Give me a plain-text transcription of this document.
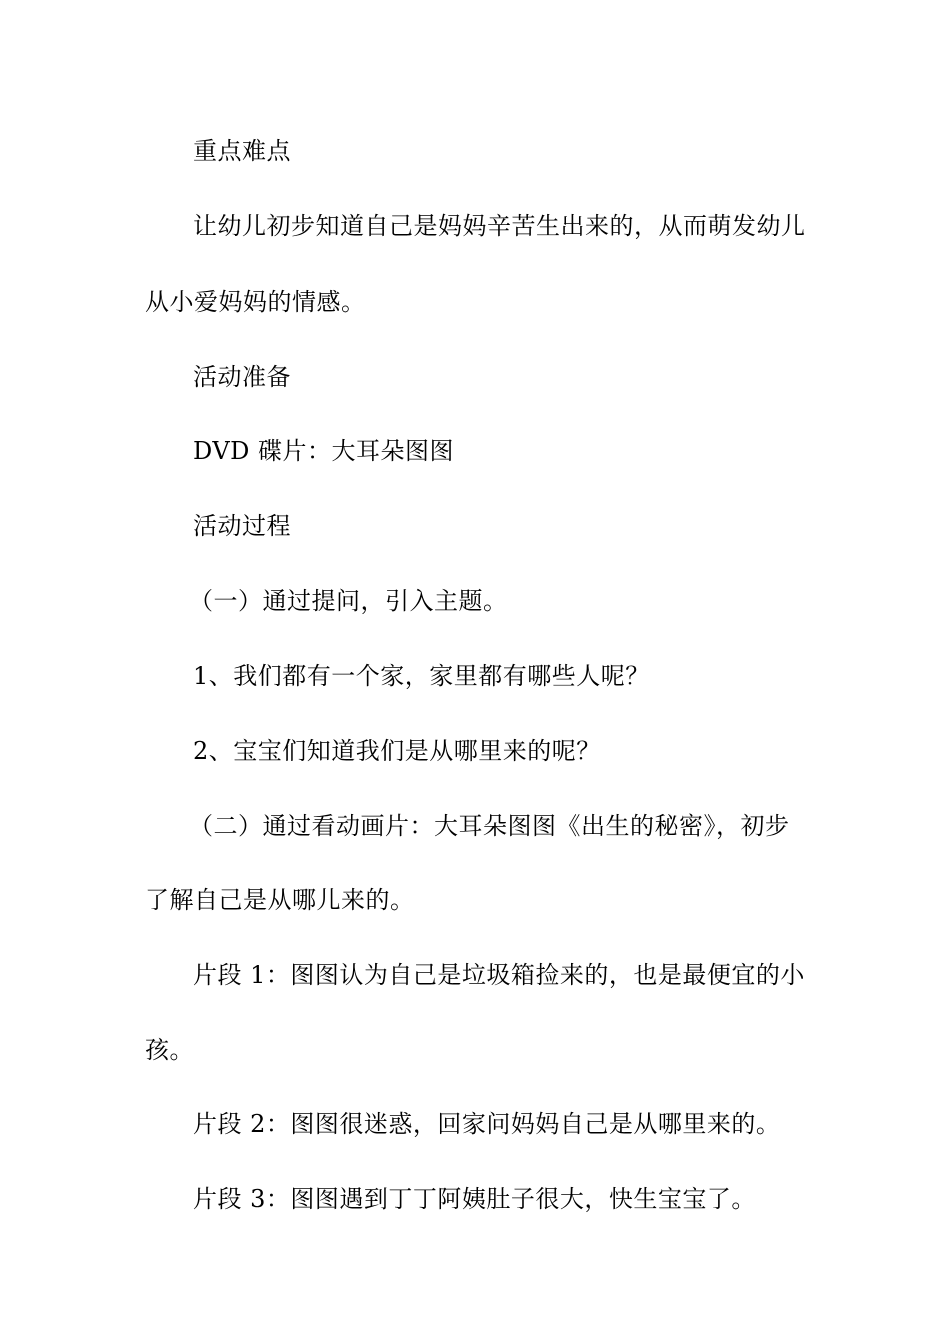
重点难点
让幼儿初步知道自己是妈妈辛苦生出来的，从而萌发幼儿
从小爱妈妈的情感。
活动准备
DVD 碟片：大耳朵图图
活动过程
（一）通过提问，引入主题。
1、我们都有一个家，家里都有哪些人呢？
2、宝宝们知道我们是从哪里来的呢？
（二）通过看动画片：大耳朵图图《出生的秘密》，初步
了解自己是从哪儿来的。
片段 1：图图认为自己是垃圾箱捡来的，也是最便宜的小
孩。
片段 2：图图很迷惑，回家问妈妈自己是从哪里来的。
片段 3：图图遇到丁丁阿姨肚子很大，快生宝宝了。
